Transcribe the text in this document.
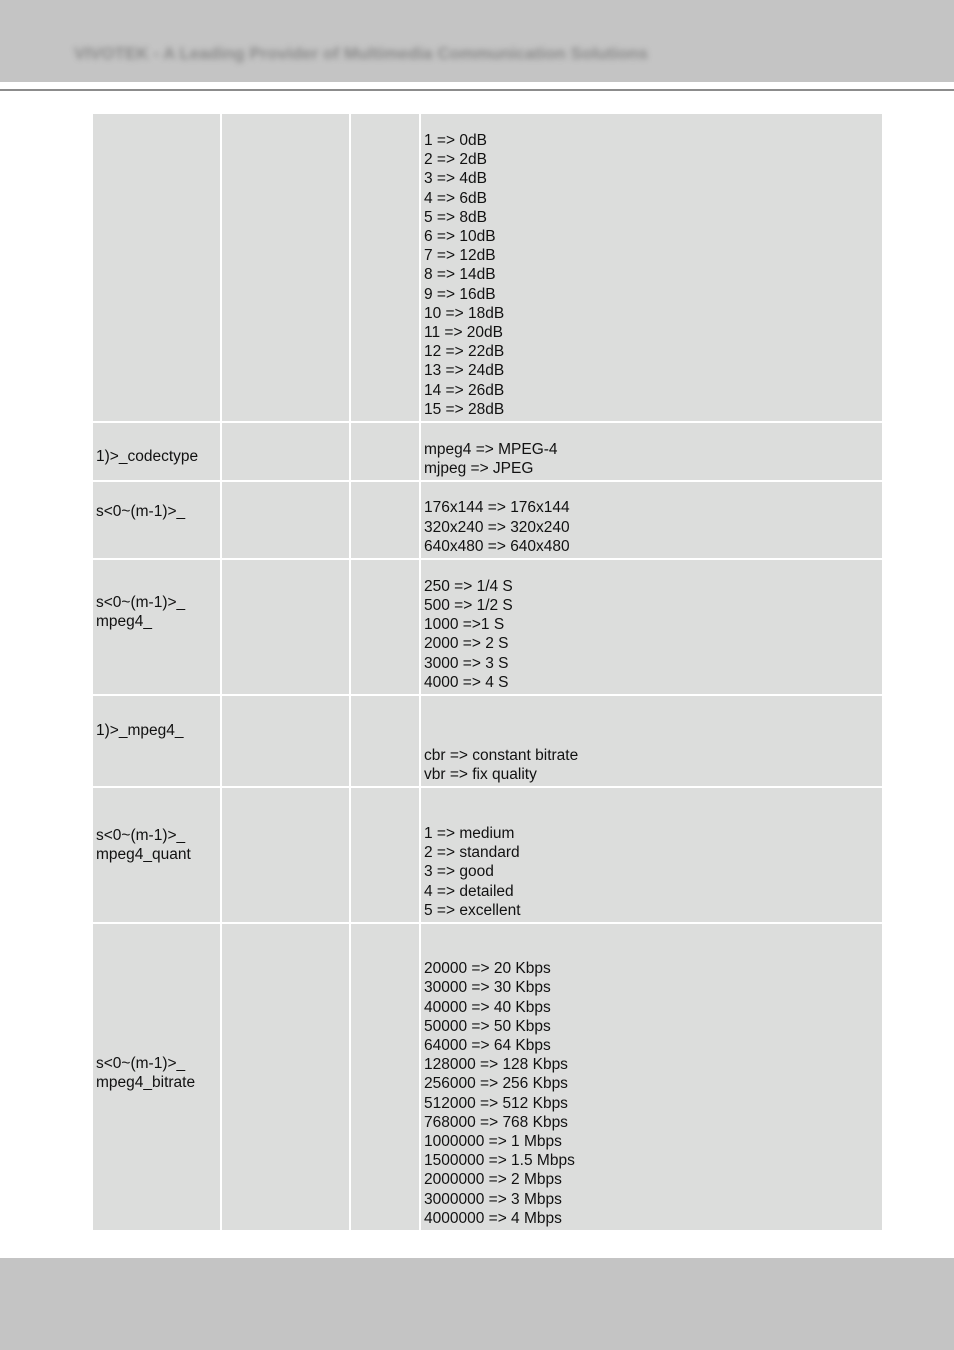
VIVOTEK - A Leading Provider of Multimedia Communication Solutions
1 => 0dB
2 => 2dB
3 => 4dB
4 => 6dB
5 => 8dB
6 => 10dB
7 => 12dB
8 => 14dB
9 => 16dB
10 => 18dB
11 => 20dB
12 => 22dB
13 => 24dB
14 => 26dB
15 => 28dB
1)>_codectype	mpeg4 => MPEG-4
mjpeg => JPEG
s<0~(m-1)>_	176x144 => 176x144
320x240 => 320x240
640x480 => 640x480
s<0~(m-1)>_
mpeg4_
250 => 1/4 S
500 => 1/2 S
1000 =>1 S
2000 => 2 S
3000 => 3 S
4000 => 4 S
1)>_mpeg4_
cbr => constant bitrate
vbr => fix quality
s<0~(m-1)>_
mpeg4_quant
1 => medium
2 => standard
3 => good
4 => detailed
5 => excellent
s<0~(m-1)>_
mpeg4_bitrate
20000 => 20 Kbps
30000 => 30 Kbps
40000 => 40 Kbps
50000 => 50 Kbps
64000 => 64 Kbps
128000 => 128 Kbps
256000 => 256 Kbps
512000 => 512 Kbps
768000 => 768 Kbps
1000000 => 1 Mbps
1500000 => 1.5 Mbps
2000000 => 2 Mbps
3000000 => 3 Mbps
4000000 => 4 Mbps
